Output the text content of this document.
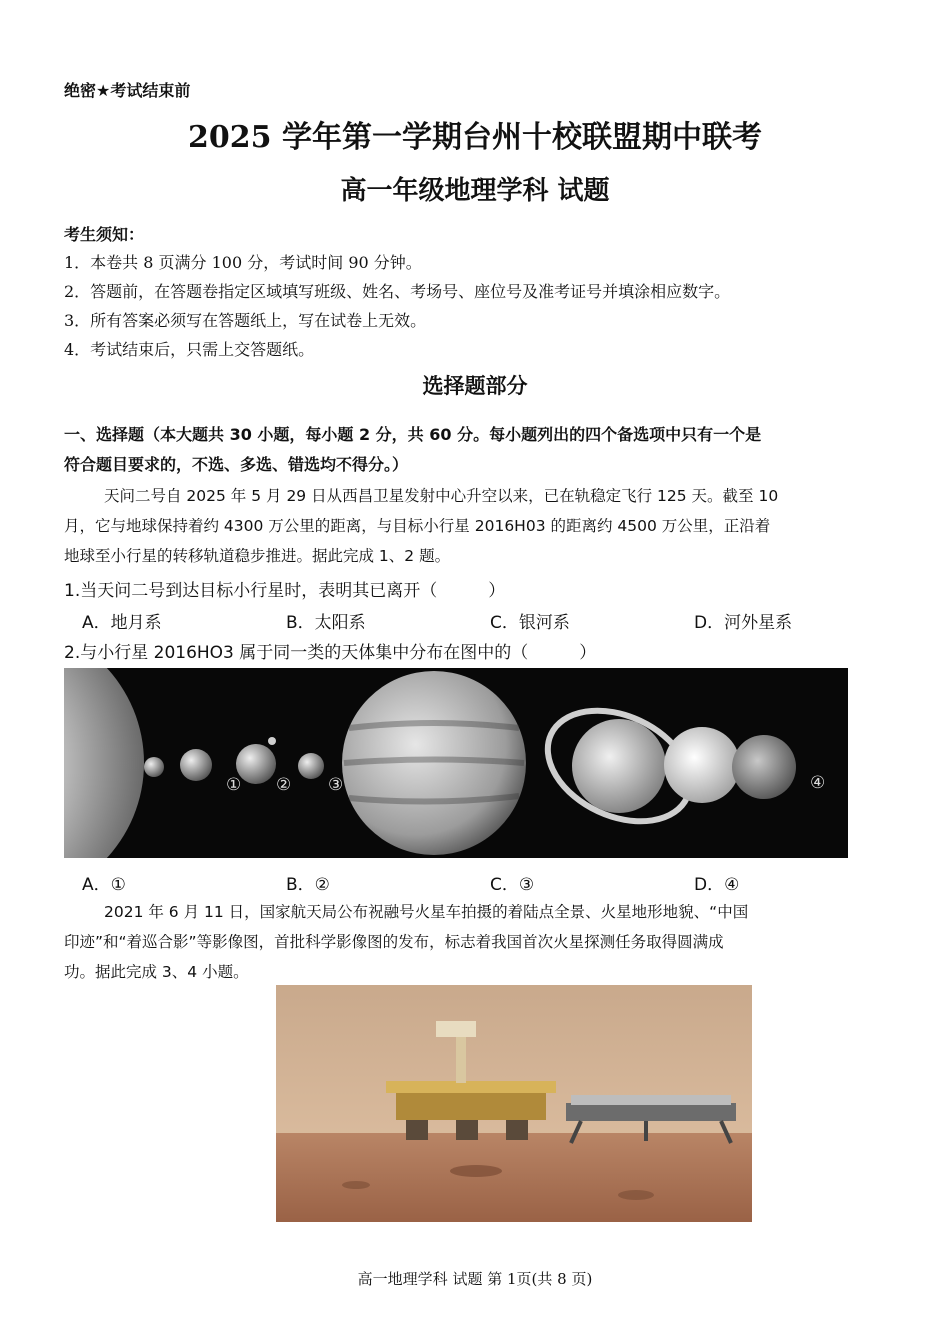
绝密★考试结束前
2025 学年第一学期台州十校联盟期中联考
高一年级地理学科 试题
考生须知：
1．本卷共 8 页满分 100 分，考试时间 90 分钟。
2．答题前，在答题卷指定区域填写班级、姓名、考场号、座位号及准考证号并填涂相应数字。
3．所有答案必须写在答题纸上，写在试卷上无效。
4．考试结束后，只需上交答题纸。
选择题部分
一、选择题（本大题共 30 小题，每小题 2 分，共 60 分。每小题列出的四个备选项中只有一个是
符合题目要求的，不选、多选、错选均不得分。）
天问二号自 2025 年 5 月 29 日从西昌卫星发射中心升空以来，已在轨稳定飞行 125 天。截至 10
月，它与地球保持着约 4300 万公里的距离，与目标小行星 2016H03 的距离约 4500 万公里，正沿着
地球至小行星的转移轨道稳步推进。据此完成 1、2 题。
1.当天问二号到达目标小行星时，表明其已离开（　　　）
A．地月系	B．太阳系	C．银河系	D．河外星系
2.与小行星 2016HO3 属于同一类的天体集中分布在图中的（　　　）
① ② ③	④
A．①	B．②	C．③	D．④
2021 年 6 月 11 日，国家航天局公布祝融号火星车拍摄的着陆点全景、火星地形地貌、“中国
印迹”和“着巡合影”等影像图，首批科学影像图的发布，标志着我国首次火星探测任务取得圆满成
功。据此完成 3、4 小题。
高一地理学科 试题 第 1页(共 8 页)
